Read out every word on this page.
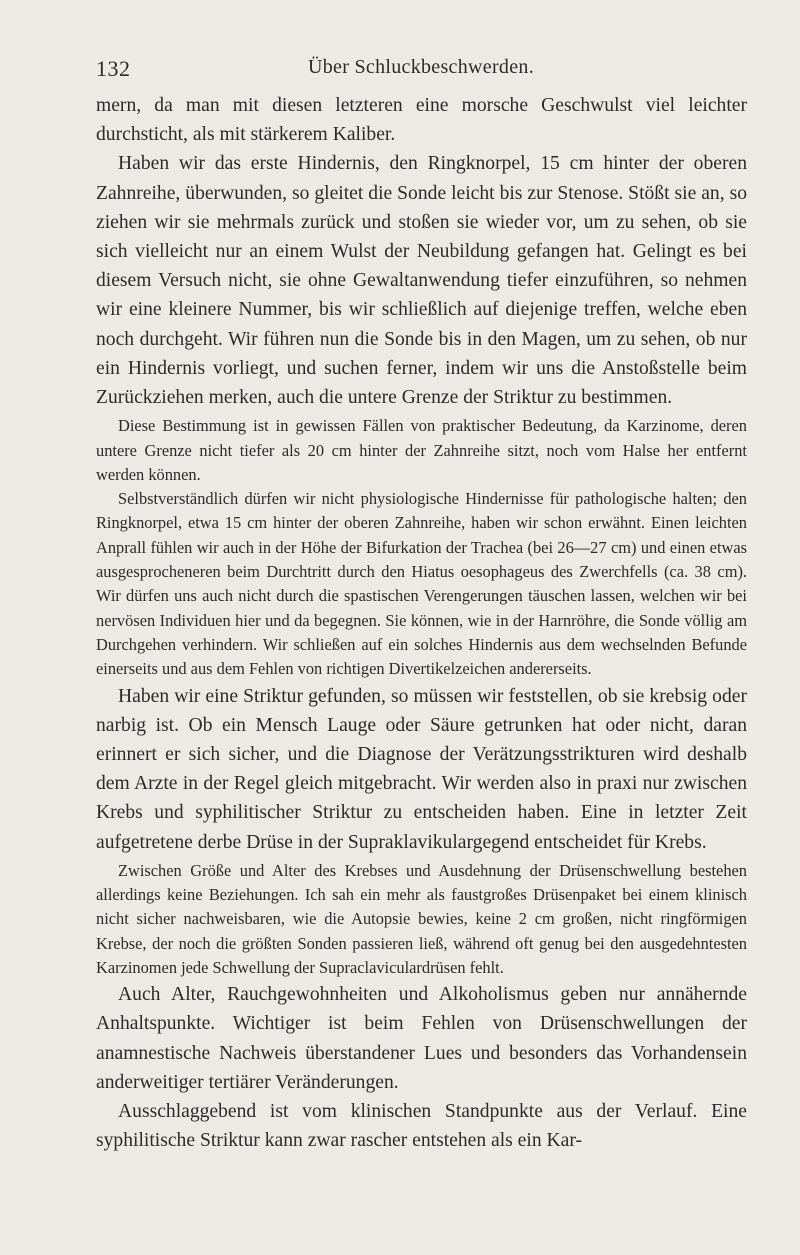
132	Über Schluckbeschwerden.

mern, da man mit diesen letzteren eine morsche Geschwulst viel leichter durchsticht, als mit stärkerem Kaliber.

Haben wir das erste Hindernis, den Ringknorpel, 15 cm hinter der oberen Zahnreihe, überwunden, so gleitet die Sonde leicht bis zur Stenose. Stößt sie an, so ziehen wir sie mehrmals zurück und stoßen sie wieder vor, um zu sehen, ob sie sich vielleicht nur an einem Wulst der Neubildung gefangen hat. Gelingt es bei diesem Versuch nicht, sie ohne Gewaltanwendung tiefer einzuführen, so nehmen wir eine kleinere Nummer, bis wir schließlich auf diejenige treffen, welche eben noch durchgeht. Wir führen nun die Sonde bis in den Magen, um zu sehen, ob nur ein Hindernis vorliegt, und suchen ferner, indem wir uns die Anstoßstelle beim Zurückziehen merken, auch die untere Grenze der Striktur zu bestimmen.

Diese Bestimmung ist in gewissen Fällen von praktischer Bedeutung, da Karzinome, deren untere Grenze nicht tiefer als 20 cm hinter der Zahnreihe sitzt, noch vom Halse her entfernt werden können.

Selbstverständlich dürfen wir nicht physiologische Hindernisse für pathologische halten; den Ringknorpel, etwa 15 cm hinter der oberen Zahnreihe, haben wir schon erwähnt. Einen leichten Anprall fühlen wir auch in der Höhe der Bifurkation der Trachea (bei 26—27 cm) und einen etwas ausgesprocheneren beim Durchtritt durch den Hiatus oesophageus des Zwerchfells (ca. 38 cm). Wir dürfen uns auch nicht durch die spastischen Verengerungen täuschen lassen, welchen wir bei nervösen Individuen hier und da begegnen. Sie können, wie in der Harnröhre, die Sonde völlig am Durchgehen verhindern. Wir schließen auf ein solches Hindernis aus dem wechselnden Befunde einerseits und aus dem Fehlen von richtigen Divertikelzeichen andererseits.

Haben wir eine Striktur gefunden, so müssen wir feststellen, ob sie krebsig oder narbig ist. Ob ein Mensch Lauge oder Säure getrunken hat oder nicht, daran erinnert er sich sicher, und die Diagnose der Verätzungsstrikturen wird deshalb dem Arzte in der Regel gleich mitgebracht. Wir werden also in praxi nur zwischen Krebs und syphilitischer Striktur zu entscheiden haben. Eine in letzter Zeit aufgetretene derbe Drüse in der Supraklavikulargegend entscheidet für Krebs.

Zwischen Größe und Alter des Krebses und Ausdehnung der Drüsenschwellung bestehen allerdings keine Beziehungen. Ich sah ein mehr als faustgroßes Drüsenpaket bei einem klinisch nicht sicher nachweisbaren, wie die Autopsie bewies, keine 2 cm großen, nicht ringförmigen Krebse, der noch die größten Sonden passieren ließ, während oft genug bei den ausgedehntesten Karzinomen jede Schwellung der Supraclaviculardrüsen fehlt.

Auch Alter, Rauchgewohnheiten und Alkoholismus geben nur annähernde Anhaltspunkte. Wichtiger ist beim Fehlen von Drüsenschwellungen der anamnestische Nachweis überstandener Lues und besonders das Vorhandensein anderweitiger tertiärer Veränderungen.

Ausschlaggebend ist vom klinischen Standpunkte aus der Verlauf. Eine syphilitische Striktur kann zwar rascher entstehen als ein Kar-
